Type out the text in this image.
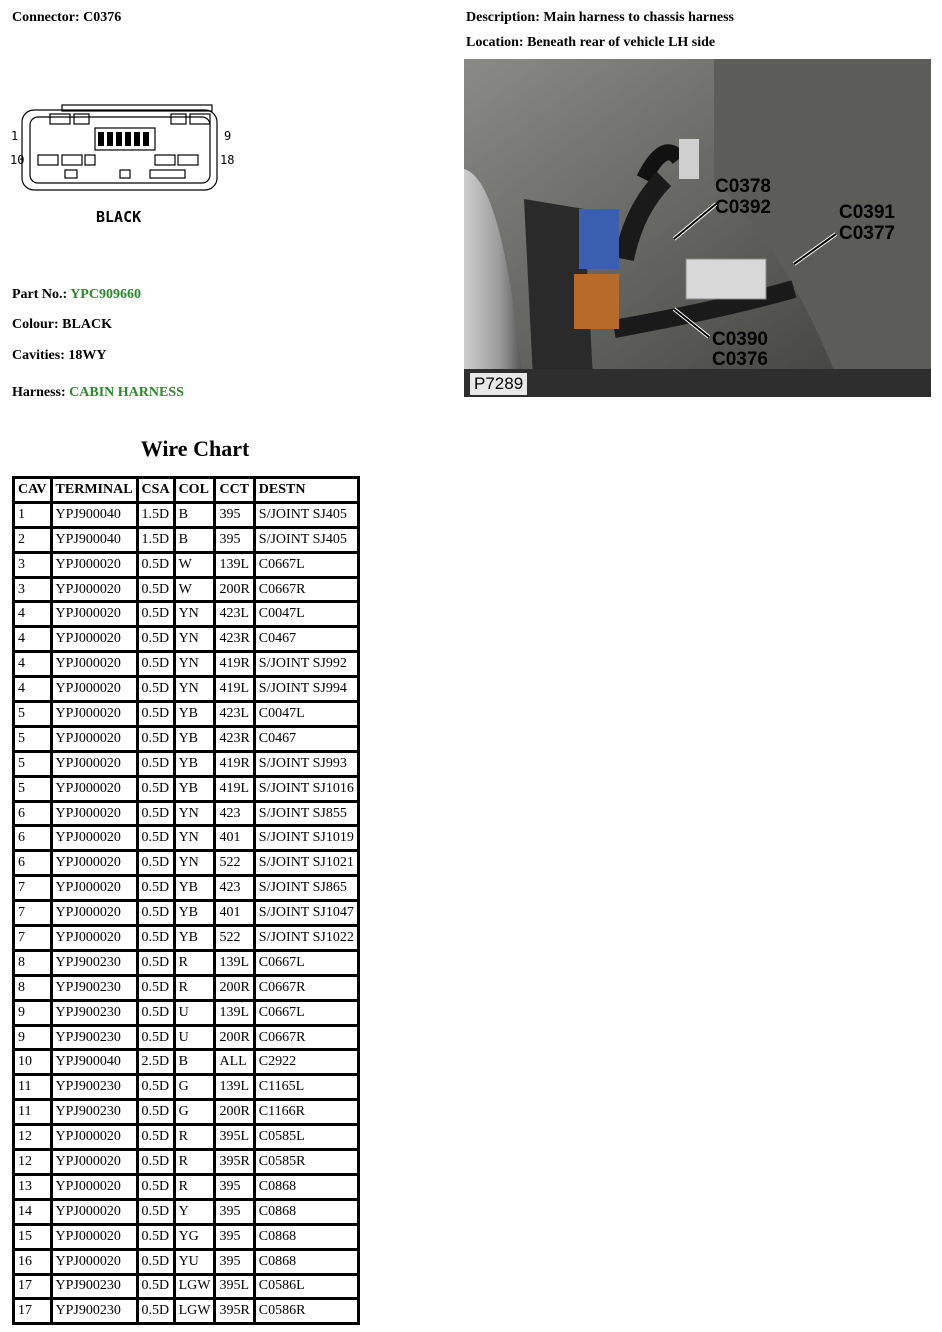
Connector: C0376	Description: Main harness to chassis harness
Location: Beneath rear of vehicle LH side
1	9
10	18
BLACK
Part No.: YPC909660
Colour: BLACK
Cavities: 18WY
Harness: CABIN HARNESS
C0378
C0392	C0391
C0377
C0390
C0376
P7289
Wire Chart
CAV	TERMINAL	CSA	COL	CCT	DESTN
1	YPJ900040	1.5D	B	395	S/JOINT SJ405
2	YPJ900040	1.5D	B	395	S/JOINT SJ405
3	YPJ000020	0.5D	W	139L	C0667L
3	YPJ000020	0.5D	W	200R	C0667R
4	YPJ000020	0.5D	YN	423L	C0047L
4	YPJ000020	0.5D	YN	423R	C0467
4	YPJ000020	0.5D	YN	419R	S/JOINT SJ992
4	YPJ000020	0.5D	YN	419L	S/JOINT SJ994
5	YPJ000020	0.5D	YB	423L	C0047L
5	YPJ000020	0.5D	YB	423R	C0467
5	YPJ000020	0.5D	YB	419R	S/JOINT SJ993
5	YPJ000020	0.5D	YB	419L	S/JOINT SJ1016
6	YPJ000020	0.5D	YN	423	S/JOINT SJ855
6	YPJ000020	0.5D	YN	401	S/JOINT SJ1019
6	YPJ000020	0.5D	YN	522	S/JOINT SJ1021
7	YPJ000020	0.5D	YB	423	S/JOINT SJ865
7	YPJ000020	0.5D	YB	401	S/JOINT SJ1047
7	YPJ000020	0.5D	YB	522	S/JOINT SJ1022
8	YPJ900230	0.5D	R	139L	C0667L
8	YPJ900230	0.5D	R	200R	C0667R
9	YPJ900230	0.5D	U	139L	C0667L
9	YPJ900230	0.5D	U	200R	C0667R
10	YPJ900040	2.5D	B	ALL	C2922
11	YPJ900230	0.5D	G	139L	C1165L
11	YPJ900230	0.5D	G	200R	C1166R
12	YPJ000020	0.5D	R	395L	C0585L
12	YPJ000020	0.5D	R	395R	C0585R
13	YPJ000020	0.5D	R	395	C0868
14	YPJ000020	0.5D	Y	395	C0868
15	YPJ000020	0.5D	YG	395	C0868
16	YPJ000020	0.5D	YU	395	C0868
17	YPJ900230	0.5D	LGW	395L	C0586L
17	YPJ900230	0.5D	LGW	395R	C0586R
